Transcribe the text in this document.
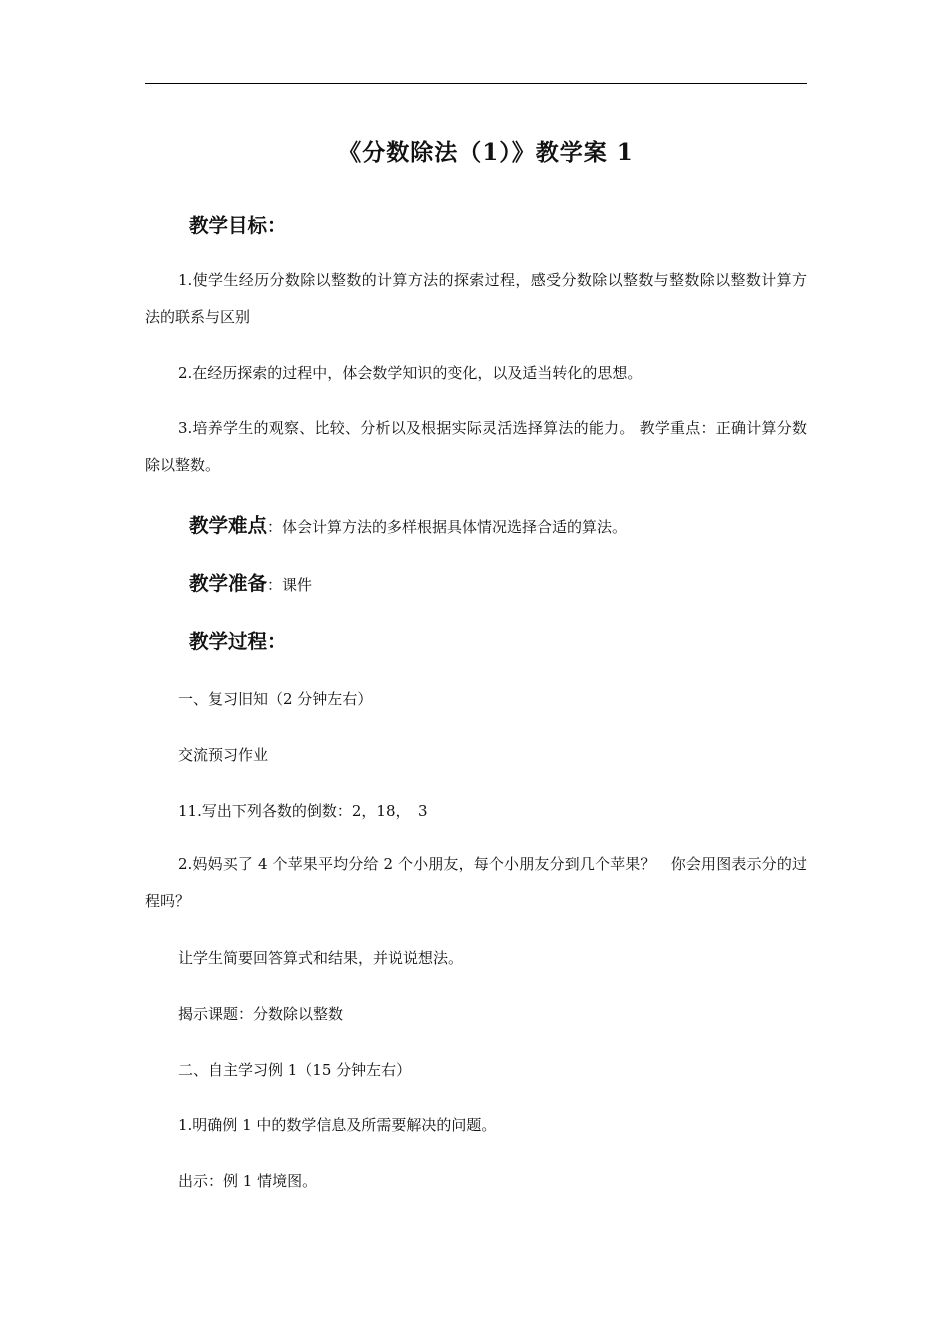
《分数除法（1）》教学案 1
教学目标：
1.使学生经历分数除以整数的计算方法的探索过程，感受分数除以整数与整数除以整数计算方法的联系与区别
2.在经历探索的过程中，体会数学知识的变化，以及适当转化的思想。
3.培养学生的观察、比较、分析以及根据实际灵活选择算法的能力。 教学重点：正确计算分数除以整数。
教学难点：体会计算方法的多样根据具体情况选择合适的算法。
教学准备：课件
教学过程：
一、复习旧知（2 分钟左右）
交流预习作业
11.写出下列各数的倒数：2，18，　3
2.妈妈买了 4 个苹果平均分给 2 个小朋友，每个小朋友分到几个苹果？　你会用图表示分的过程吗？
让学生简要回答算式和结果，并说说想法。
揭示课题：分数除以整数
二、自主学习例 1（15 分钟左右）
1.明确例 1 中的数学信息及所需要解决的问题。
出示：例 1 情境图。
